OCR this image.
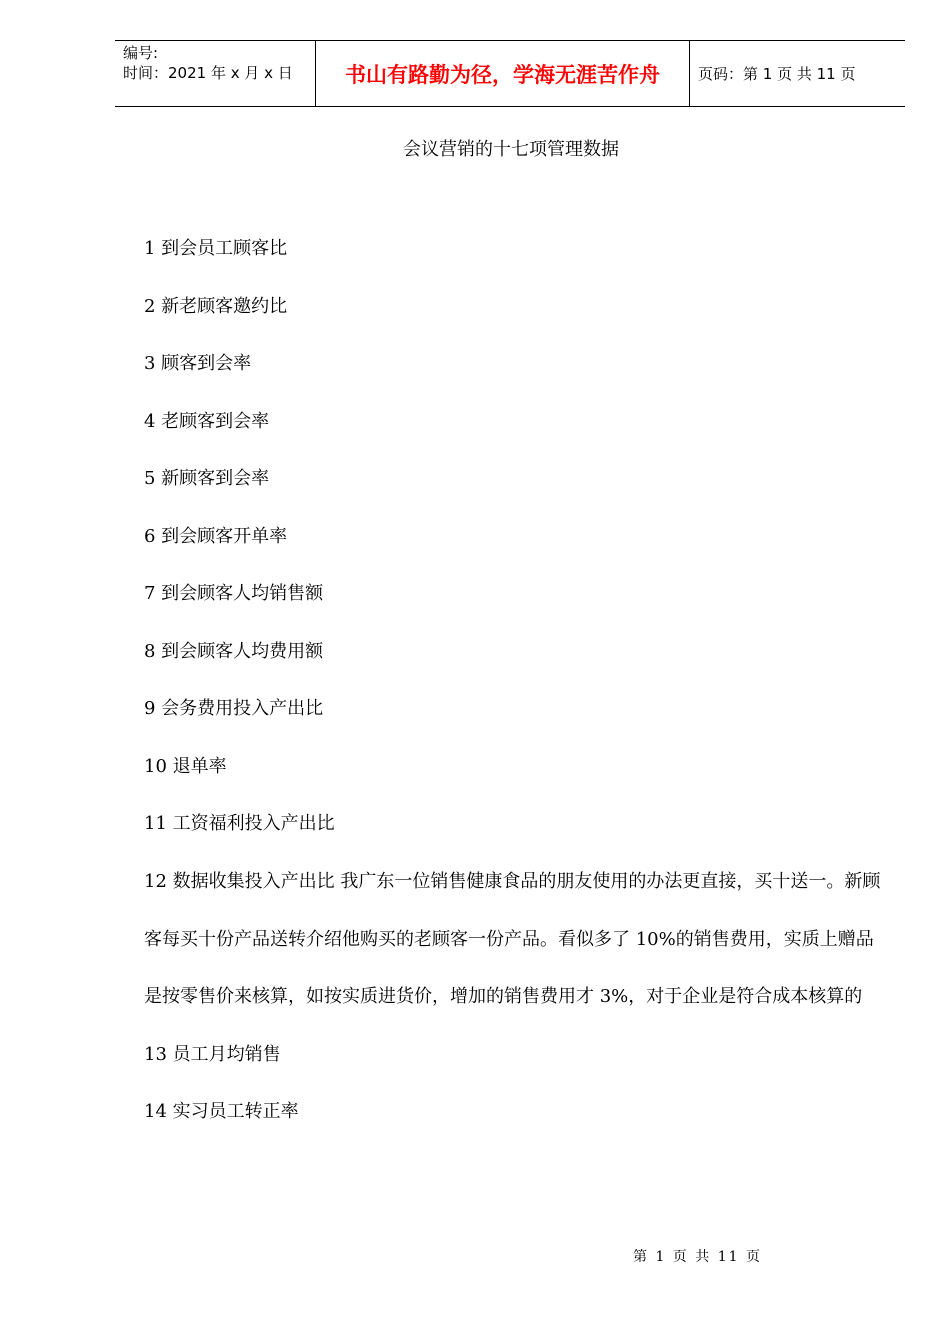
编号:
时间：2021 年 x 月 x 日	书山有路勤为径，学海无涯苦作舟	页码：第 1 页 共 11 页
会议营销的十七项管理数据

1 到会员工顾客比

2 新老顾客邀约比

3 顾客到会率

4 老顾客到会率

5 新顾客到会率

6 到会顾客开单率

7 到会顾客人均销售额

8 到会顾客人均费用额

9 会务费用投入产出比

10 退单率

11 工资福利投入产出比

12 数据收集投入产出比 我广东一位销售健康食品的朋友使用的办法更直接，买十送一。新顾客每买十份产品送转介绍他购买的老顾客一份产品。看似多了 10%的销售费用，实质上赠品是按零售价来核算，如按实质进货价，增加的销售费用才 3%，对于企业是符合成本核算的

13 员工月均销售

14 实习员工转正率

第 1 页 共 11 页
